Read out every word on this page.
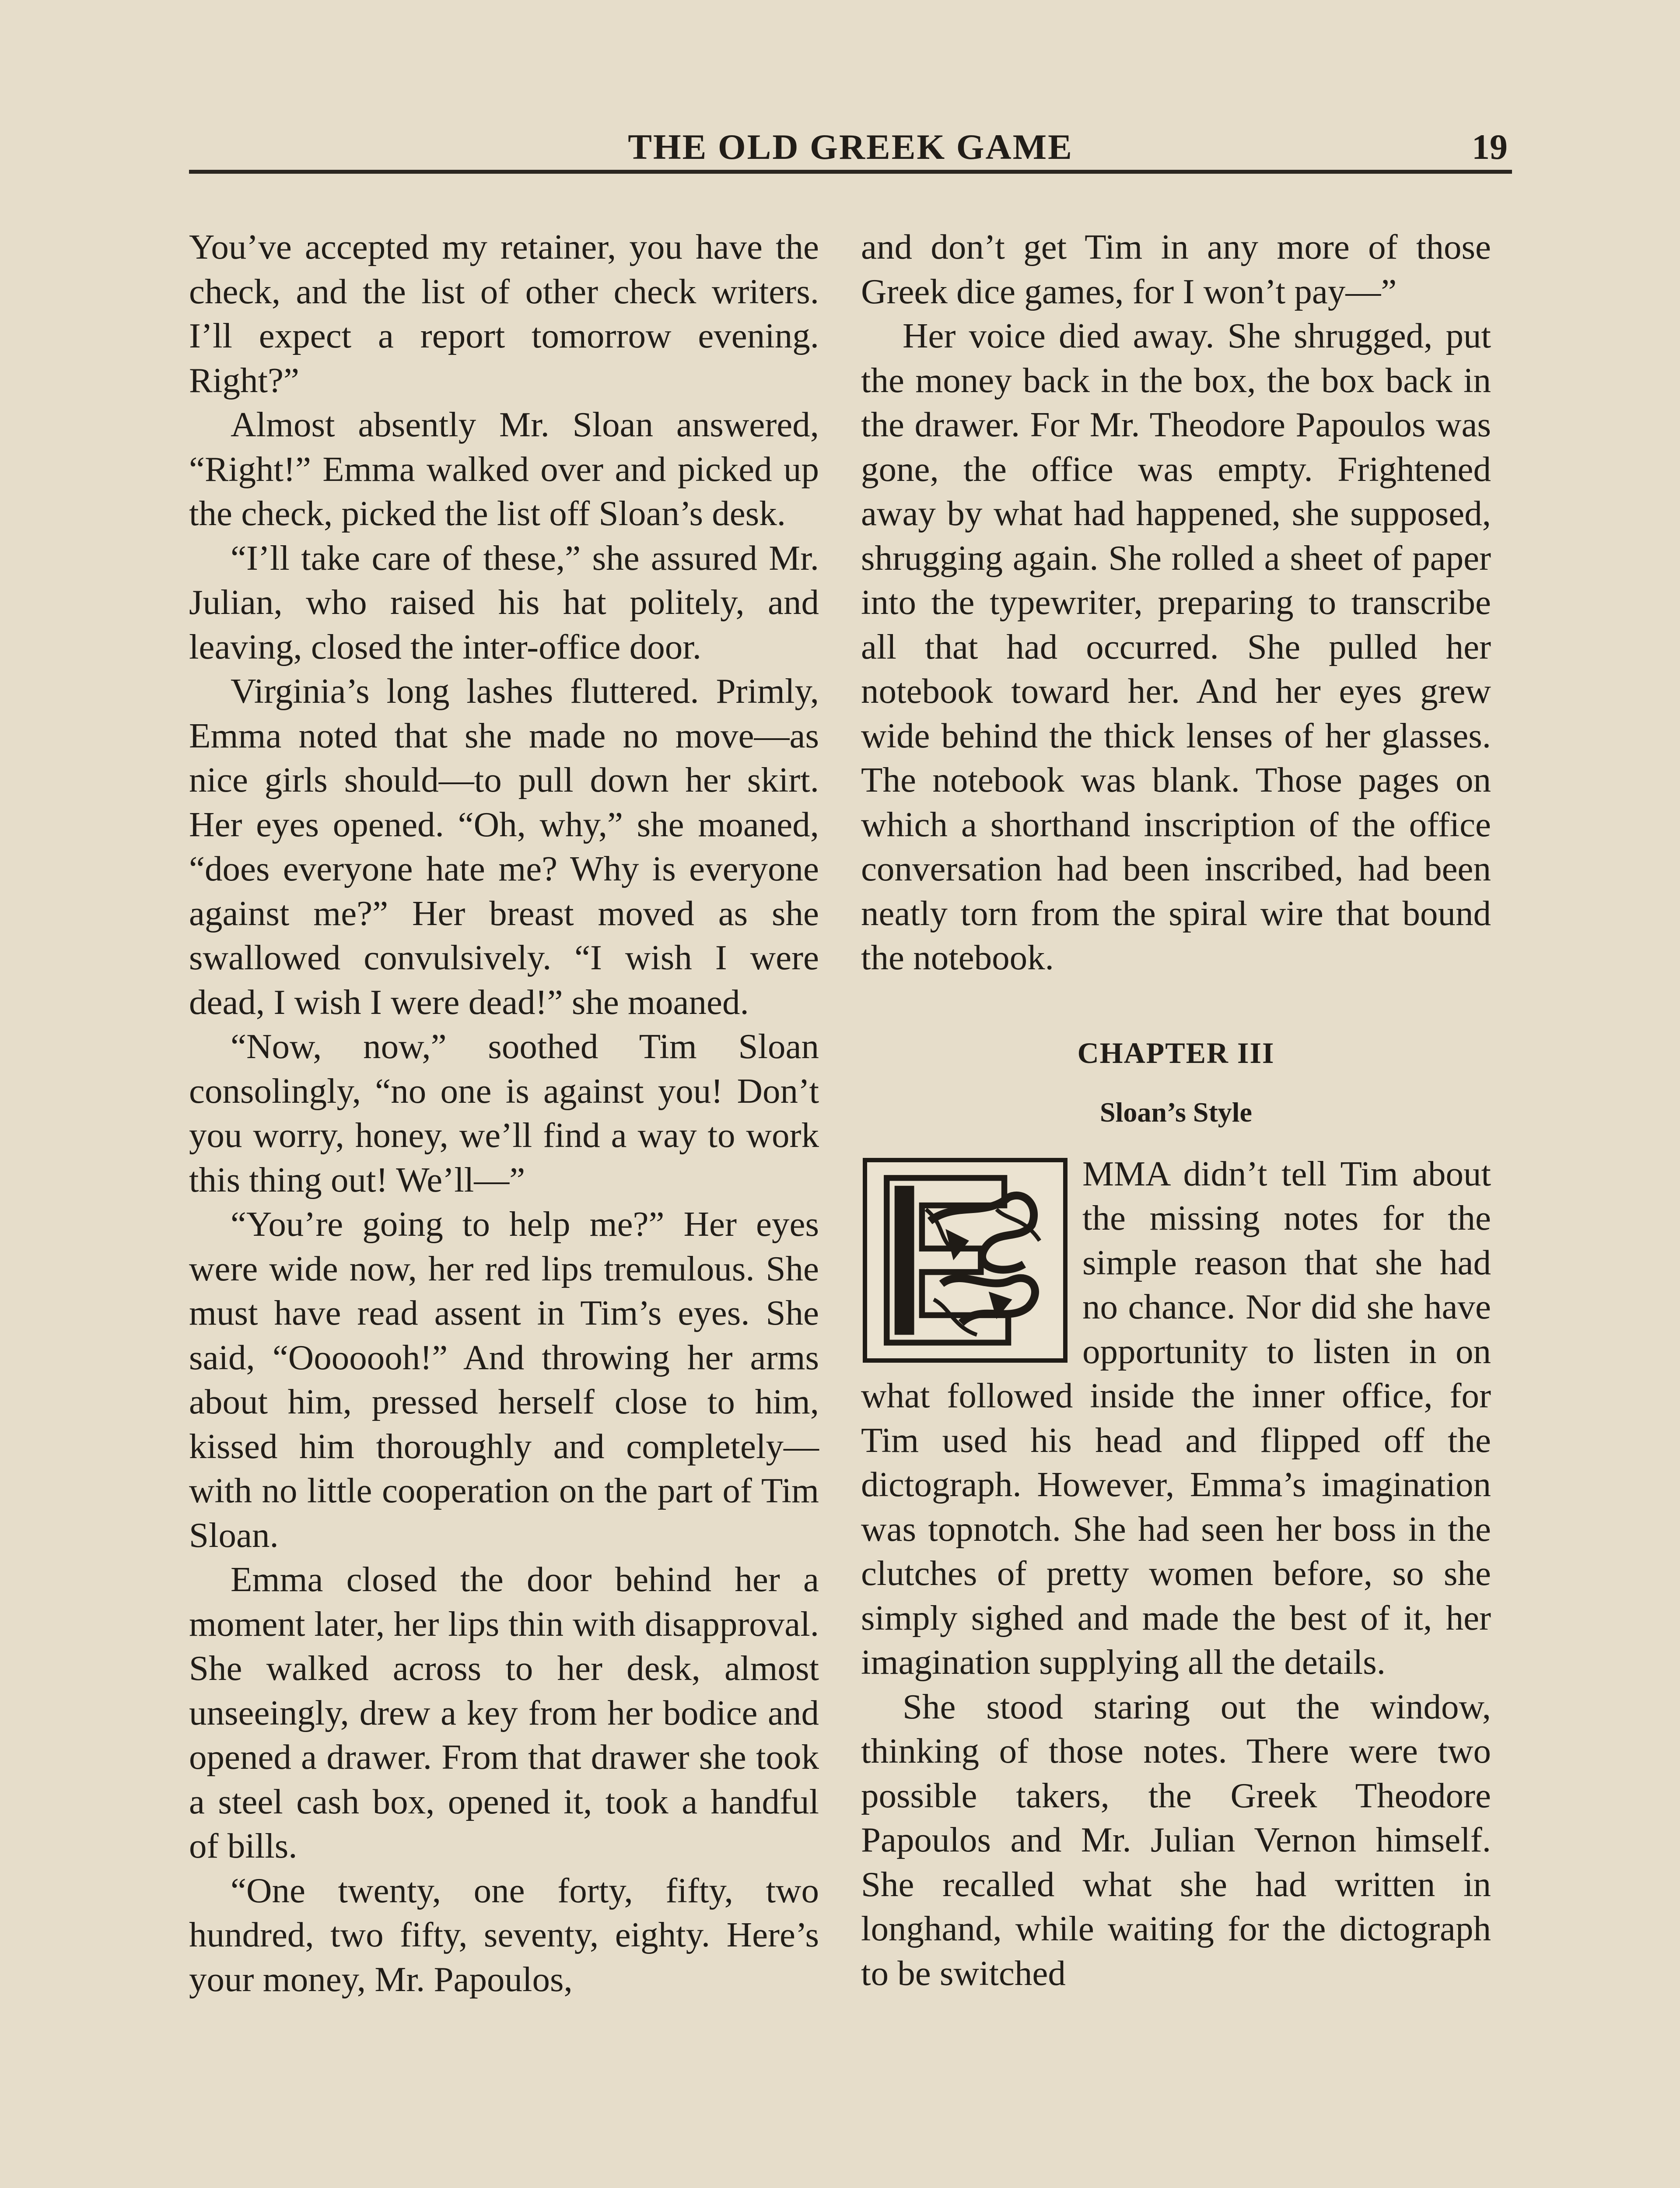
THE OLD GREEK GAME	19

You’ve accepted my retainer, you have the check, and the list of other check writers. I’ll expect a report tomorrow evening. Right?”

Almost absently Mr. Sloan answered, “Right!” Emma walked over and picked up the check, picked the list off Sloan’s desk.

“I’ll take care of these,” she assured Mr. Julian, who raised his hat politely, and leaving, closed the inter-office door.

Virginia’s long lashes fluttered. Primly, Emma noted that she made no move—as nice girls should—to pull down her skirt. Her eyes opened. “Oh, why,” she moaned, “does everyone hate me? Why is everyone against me?” Her breast moved as she swallowed convulsively. “I wish I were dead, I wish I were dead!” she moaned.

“Now, now,” soothed Tim Sloan consolingly, “no one is against you! Don’t you worry, honey, we’ll find a way to work this thing out! We’ll—”

“You’re going to help me?” Her eyes were wide now, her red lips tremulous. She must have read assent in Tim’s eyes. She said, “Ooooooh!” And throwing her arms about him, pressed herself close to him, kissed him thoroughly and completely—with no little cooperation on the part of Tim Sloan.

Emma closed the door behind her a moment later, her lips thin with disapproval. She walked across to her desk, almost unseeingly, drew a key from her bodice and opened a drawer. From that drawer she took a steel cash box, opened it, took a handful of bills.

“One twenty, one forty, fifty, two hundred, two fifty, seventy, eighty. Here’s your money, Mr. Papoulos,

and don’t get Tim in any more of those Greek dice games, for I won’t pay—”

Her voice died away. She shrugged, put the money back in the box, the box back in the drawer. For Mr. Theodore Papoulos was gone, the office was empty. Frightened away by what had happened, she supposed, shrugging again. She rolled a sheet of paper into the typewriter, preparing to transcribe all that had occurred. She pulled her notebook toward her. And her eyes grew wide behind the thick lenses of her glasses. The notebook was blank. Those pages on which a shorthand inscription of the office conversation had been inscribed, had been neatly torn from the spiral wire that bound the notebook.

CHAPTER III
Sloan’s Style

MMA didn’t tell Tim about the missing notes for the simple reason that she had no chance. Nor did she have opportunity to listen in on what followed inside the inner office, for Tim used his head and flipped off the dictograph. However, Emma’s imagination was topnotch. She had seen her boss in the clutches of pretty women before, so she simply sighed and made the best of it, her imagination supplying all the details.

She stood staring out the window, thinking of those notes. There were two possible takers, the Greek Theodore Papoulos and Mr. Julian Vernon himself. She recalled what she had written in longhand, while waiting for the dictograph to be switched
